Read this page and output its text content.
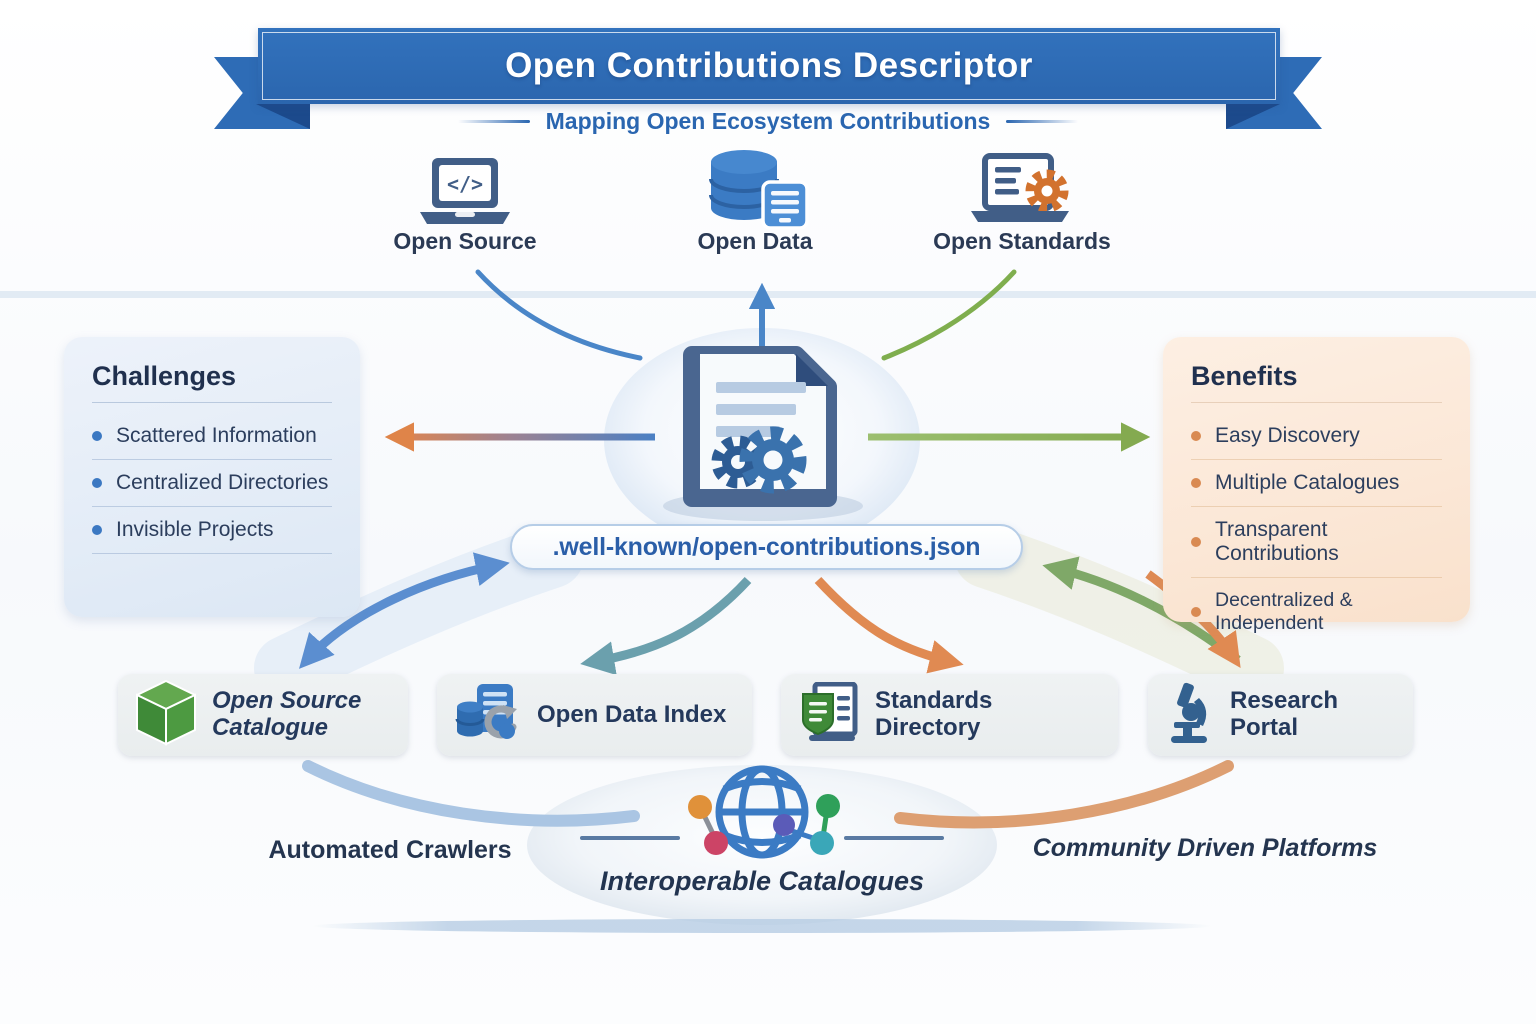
Open Contributions Descriptor
Mapping Open Ecosystem Contributions
</>
Open Source	Open Data	Open Standards
Challenges
Scattered Information
Centralized Directories
Invisible Projects
Benefits
Easy Discovery
Multiple Catalogues
Transparent Contributions
Decentralized & Independent
.well-known/open-contributions.json
Open Source Catalogue	Open Data Index	Standards Directory
Research Portal
Automated Crawlers
Interoperable Catalogues
Community Driven Platforms
